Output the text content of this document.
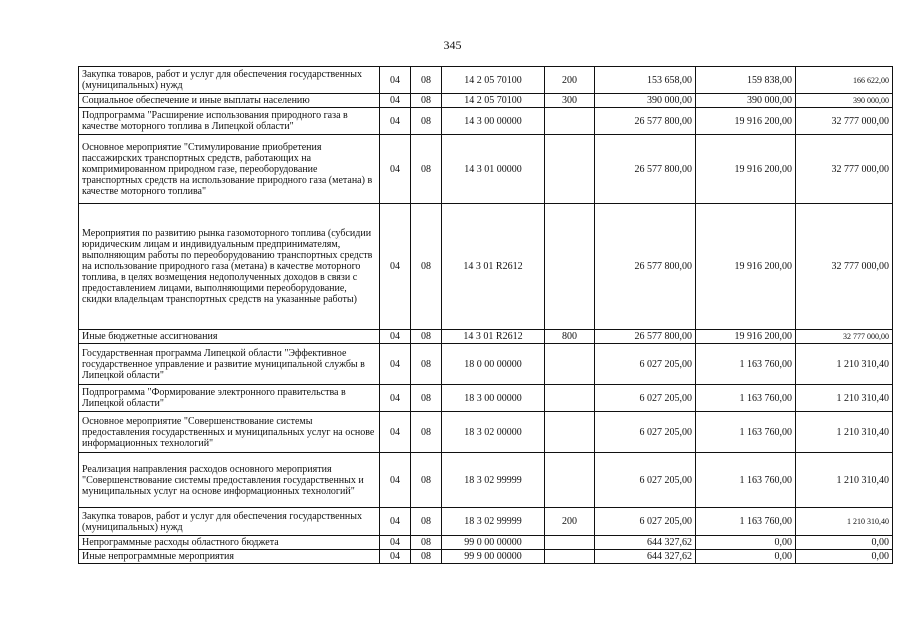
345
Закупка товаров, работ и услуг для обеспечения государственных (муниципальных) нужд	04	08	14 2 05 70100	200	153 658,00	159 838,00	166 622,00
Социальное обеспечение и иные выплаты населению	04	08	14 2 05 70100	300	390 000,00	390 000,00	390 000,00
Подпрограмма "Расширение использования природного газа в качестве моторного топлива в Липецкой области"	04	08	14 3 00 00000		26 577 800,00	19 916 200,00	32 777 000,00
Основное мероприятие "Стимулирование приобретения пассажирских транспортных средств, работающих на компримированном природном газе, переоборудование транспортных средств на использование природного газа (метана) в качестве моторного топлива"	04	08	14 3 01 00000		26 577 800,00	19 916 200,00	32 777 000,00
Мероприятия по развитию рынка газомоторного топлива (субсидии юридическим лицам и индивидуальным предпринимателям, выполняющим работы по переоборудованию транспортных средств на использование природного газа (метана) в качестве моторного топлива, в целях возмещения недополученных доходов в связи с предоставлением лицами, выполняющими переоборудование, скидки владельцам транспортных средств на указанные работы)	04	08	14 3 01 R2612		26 577 800,00	19 916 200,00	32 777 000,00
Иные бюджетные ассигнования	04	08	14 3 01 R2612	800	26 577 800,00	19 916 200,00	32 777 000,00
Государственная программа Липецкой области "Эффективное государственное управление и развитие муниципальной службы в Липецкой области"	04	08	18 0 00 00000		6 027 205,00	1 163 760,00	1 210 310,40
Подпрограмма "Формирование электронного правительства в Липецкой области"	04	08	18 3 00 00000		6 027 205,00	1 163 760,00	1 210 310,40
Основное мероприятие "Совершенствование системы предоставления государственных и муниципальных услуг на основе информационных технологий"	04	08	18 3 02 00000		6 027 205,00	1 163 760,00	1 210 310,40
Реализация направления расходов основного мероприятия "Совершенствование системы предоставления государственных и муниципальных услуг на основе информационных технологий"	04	08	18 3 02 99999		6 027 205,00	1 163 760,00	1 210 310,40
Закупка товаров, работ и услуг для обеспечения государственных (муниципальных) нужд	04	08	18 3 02 99999	200	6 027 205,00	1 163 760,00	1 210 310,40
Непрограммные расходы областного бюджета	04	08	99 0 00 00000		644 327,62	0,00	0,00
Иные непрограммные мероприятия	04	08	99 9 00 00000		644 327,62	0,00	0,00
